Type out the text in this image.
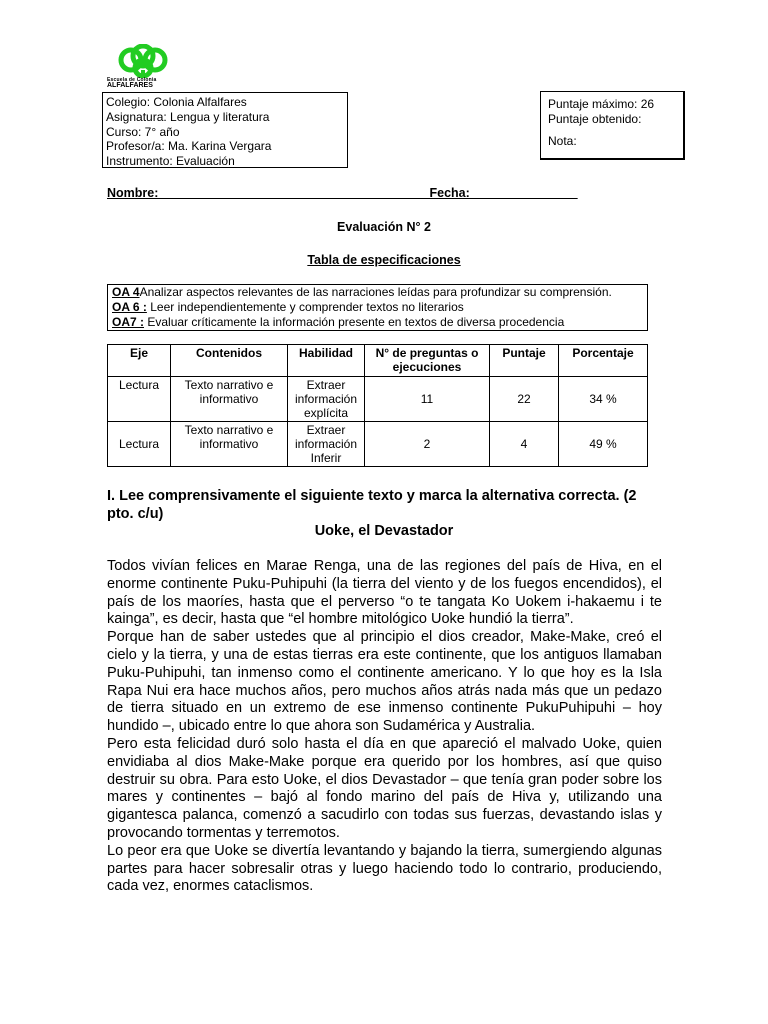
Escuela de Colonia
ALFALFARES
Colegio: Colonia Alfalfares
Asignatura: Lengua y literatura
Curso: 7° año
Profesor/a: Ma. Karina Vergara
Instrumento: Evaluación
Puntaje máximo: 26
Puntaje obtenido:
Nota:
Nombre: ______________________________________ Fecha: _______________
Evaluación N° 2
Tabla de especificaciones
OA 4Analizar aspectos relevantes de las narraciones leídas para profundizar su comprensión.
OA 6 : Leer independientemente y comprender textos no literarios
OA7 : Evaluar críticamente la información presente en textos de diversa procedencia
Eje	Contenidos	Habilidad	N° de preguntas o ejecuciones	Puntaje	Porcentaje
Lectura	Texto narrativo e informativo	Extraer información explícita	11	22	34 %
Lectura	Texto narrativo e informativo	Extraer información Inferir	2	4	49 %
I. Lee comprensivamente el siguiente texto y marca la alternativa correcta. (2 pto. c/u)
Uoke, el Devastador

Todos vivían felices en Marae Renga, una de las regiones del país de Hiva, en el enorme continente Puku-Puhipuhi (la tierra del viento y de los fuegos encendidos), el país de los maoríes, hasta que el perverso “o te tangata Ko Uokem i-hakaemu i te kainga”, es decir, hasta que “el hombre mitológico Uoke hundió la tierra”.

Porque han de saber ustedes que al principio el dios creador, Make-Make, creó el cielo y la tierra, y una de estas tierras era este continente, que los antiguos llamaban Puku-Puhipuhi, tan inmenso como el continente americano. Y lo que hoy es la Isla Rapa Nui era hace muchos años, pero muchos años atrás nada más que un pedazo de tierra situado en un extremo de ese inmenso continente PukuPuhipuhi – hoy hundido –, ubicado entre lo que ahora son Sudamérica y Australia.

Pero esta felicidad duró solo hasta el día en que apareció el malvado Uoke, quien envidiaba al dios Make-Make porque era querido por los hombres, así que quiso destruir su obra. Para esto Uoke, el dios Devastador – que tenía gran poder sobre los mares y continentes – bajó al fondo marino del país de Hiva y, utilizando una gigantesca palanca, comenzó a sacudirlo con todas sus fuerzas, devastando islas y provocando tormentas y terremotos.

Lo peor era que Uoke se divertía levantando y bajando la tierra, sumergiendo algunas partes para hacer sobresalir otras y luego haciendo todo lo contrario, produciendo, cada vez, enormes cataclismos.
